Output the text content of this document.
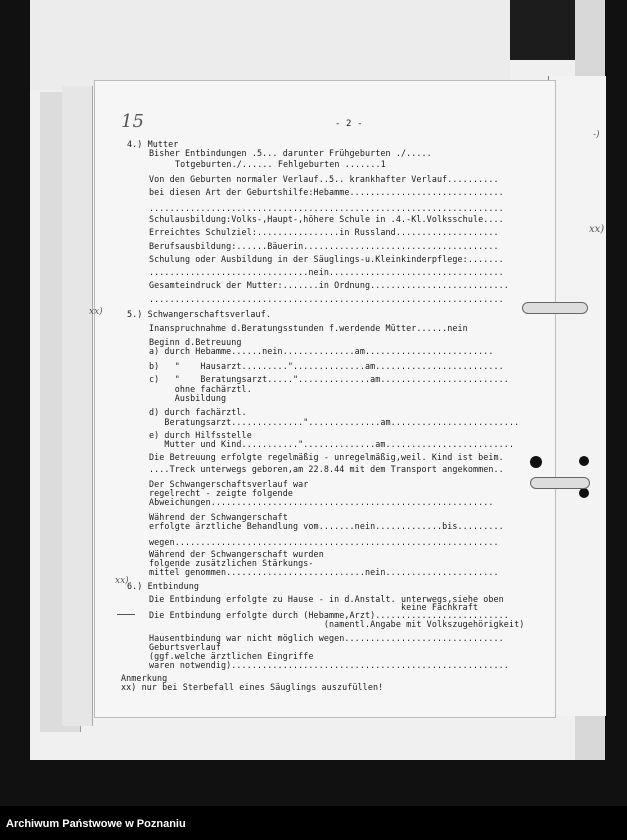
-)
xx)
- 2 -
15
xx)
xx)
4.) Mutter
Bisher Entbindungen .5... darunter Frühgeburten ./.....
Totgeburten./...... Fehlgeburten .......1
Von den Geburten normaler Verlauf..5.. krankhafter Verlauf..........
bei diesen Art der Geburtshilfe:Hebamme..............................
.....................................................................
Schulausbildung:Volks-,Haupt-,höhere Schule in .4.-Kl.Volksschule....
Erreichtes Schulziel:................in Russland....................
Berufsausbildung:......Bäuerin......................................
Schulung oder Ausbildung in der Säuglings-u.Kleinkinderpflege:.......
...............................nein..................................
Gesamteindruck der Mutter:.......in Ordnung...........................
.....................................................................
5.) Schwangerschaftsverlauf.
Inanspruchnahme d.Beratungsstunden f.werdende Mütter......nein
Beginn d.Betreuung
a) durch Hebamme......nein..............am.........................
b)   "    Hausarzt........."..............am.........................
c)   "    Beratungsarzt....."..............am.........................
ohne fachärztl.
Ausbildung
d) durch fachärztl.
Beratungsarzt.............."..............am.........................
e) durch Hilfsstelle
Mutter und Kind..........."..............am.........................
Die Betreuung erfolgte regelmäßig - unregelmäßig,weil. Kind ist beim.
....Treck unterwegs geboren,am 22.8.44 mit dem Transport angekommen..
Der Schwangerschaftsverlauf war
regelrecht - zeigte folgende
Abweichungen.......................................................
Während der Schwangerschaft
erfolgte ärztliche Behandlung vom.......nein.............bis.........
wegen...............................................................
Während der Schwangerschaft wurden
folgende zusätzlichen Stärkungs-
mittel genommen...........................nein......................
6.) Entbindung
Die Entbindung erfolgte zu Hause - in d.Anstalt. unterwegs,siehe oben
keine Fachkraft
Die Entbindung erfolgte durch (Hebamme,Arzt)..........................
(namentl.Angabe mit Volkszugehörigkeit)
Hausentbindung war nicht möglich wegen...............................
Geburtsverlauf
(ggf.welche ärztlichen Eingriffe
waren notwendig)......................................................
Anmerkung
xx) nur bei Sterbefall eines Säuglings auszufüllen!
Archiwum Państwowe w Poznaniu
